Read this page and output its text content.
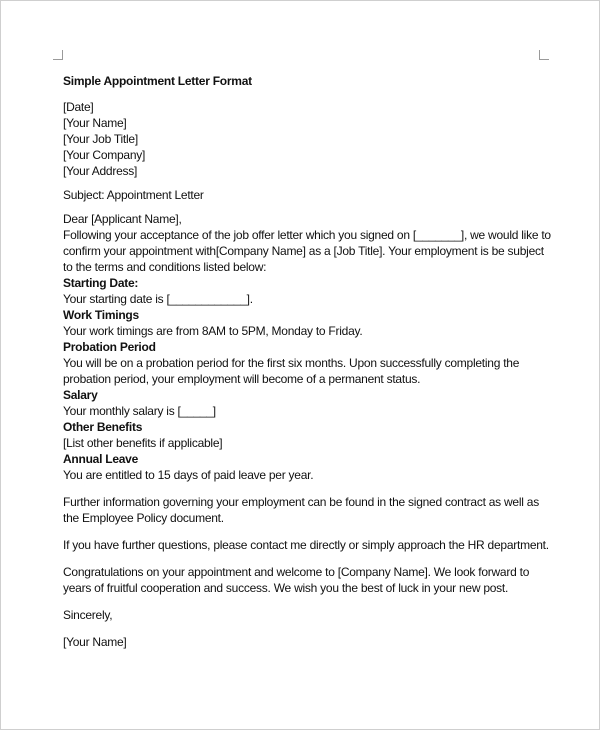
Simple Appointment Letter Format
[Date]
[Your Name]
[Your Job Title]
[Your Company]
[Your Address]
Subject: Appointment Letter
Dear [Applicant Name],
Following your acceptance of the job offer letter which you signed on [_______], we would like to confirm your appointment with[Company Name] as a [Job Title]. Your employment is be subject to the terms and conditions listed below:
Starting Date:
Your starting date is [____________].
Work Timings
Your work timings are from 8AM to 5PM, Monday to Friday.
Probation Period
You will be on a probation period for the first six months. Upon successfully completing the probation period, your employment will become of a permanent status.
Salary
Your monthly salary is [_____]
Other Benefits
[List other benefits if applicable]
Annual Leave
You are entitled to 15 days of paid leave per year.
Further information governing your employment can be found in the signed contract as well as the Employee Policy document.
If you have further questions, please contact me directly or simply approach the HR department.
Congratulations on your appointment and welcome to [Company Name]. We look forward to years of fruitful cooperation and success. We wish you the best of luck in your new post.
Sincerely,
[Your Name]
